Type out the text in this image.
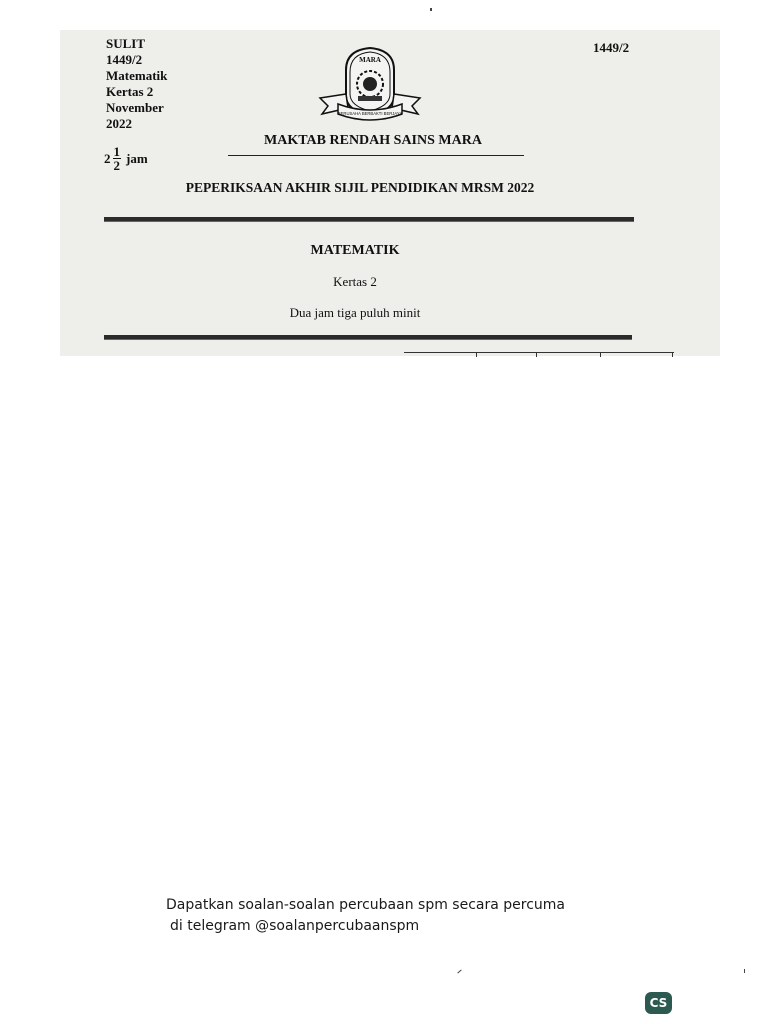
SULIT
1449/2
Matematik
Kertas 2
November
2022
$2 \frac{1}{2}$ jam
1449/2
MARA
BERUSAHA BERBAKTI BERJAYA
MAKTAB RENDAH SAINS MARA
PEPERIKSAAN AKHIR SIJIL PENDIDIKAN MRSM 2022
MATEMATIK
Kertas 2
Dua jam tiga puluh minit
Dapatkan soalan-soalan percubaan spm secara percuma
di telegram @soalanpercubaanspm
CS
